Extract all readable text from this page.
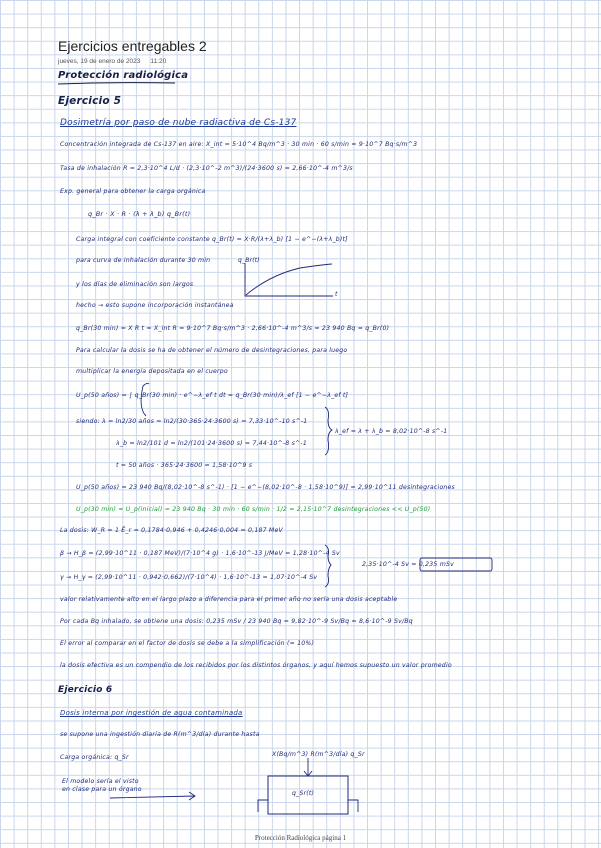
Ejercicios entregables 2
jueves, 19 de enero de 2023 11:20
Protección radiológica
Ejercicio 5
Dosimetría por paso de nube radiactiva de Cs-137
Concentración integrada de Cs-137 en aire: X_int = 5·10^4 Bq/m^3 · 30 min · 60 s/min = 9·10^7 Bq·s/m^3
Tasa de inhalación R = 2,3·10^4 L/d · (2,3·10^-2 m^3)/(24·3600 s) = 2,66·10^-4 m^3/s
Exp. general para obtener la carga orgánica
q_Br · X · R · (λ + λ_b) q_Br(t)
Carga integral con coeficiente constante q_Br(t) = X·R/(λ+λ_b) [1 − e^−(λ+λ_b)t]
para curva de inhalación durante 30 min
y los días de eliminación son largos
hecho → esto supone incorporación instantánea
q_Br(t)
t
q_Br(30 min) = X R t = X_int R = 9·10^7 Bq·s/m^3 · 2,66·10^-4 m^3/s = 23 940 Bq = q_Br(0)
Para calcular la dosis se ha de obtener el número de desintegraciones, para luego
multiplicar la energía depositada en el cuerpo
U_p(50 años) = ∫ q_Br(30 min) · e^−λ_ef t dt = q_Br(30 min)/λ_ef [1 − e^−λ_ef t]
siendo: λ = ln2/30 años = ln2/(30·365·24·3600 s) = 7,33·10^-10 s^-1
λ_b = ln2/101 d = ln2/(101·24·3600 s) = 7,44·10^-8 s^-1
t = 50 años · 365·24·3600 = 1,58·10^9 s
λ_ef = λ + λ_b = 8,02·10^-8 s^-1
U_p(50 años) = 23 940 Bq/(8,02·10^-8 s^-1) · [1 − e^−(8,02·10^-8 · 1,58·10^9)] = 2,99·10^11 desintegraciones
U_p(30 min) ≈ U_p(inicial) = 23 940 Bq · 30 min · 60 s/min · 1/2 = 2,15·10^7 desintegraciones << U_p(50)
La dosis: W_R = 1 Ē_r = 0,1784·0,946 + 0,4246·0,004 = 0,187 MeV
β → H_β = (2,99·10^11 · 0,187 MeV)/(7·10^4 g) · 1,6·10^-13 J/MeV = 1,28·10^-4 Sv
γ → H_γ = (2,99·10^11 · 0,942·0,662)/(7·10^4) · 1,6·10^-13 = 1,07·10^-4 Sv
2,35·10^-4 Sv = 0,235 mSv
valor relativamente alto en el largo plazo a diferencia para el primer año no sería una dosis aceptable
Por cada Bq inhalado, se obtiene una dosis: 0,235 mSv / 23 940 Bq = 9,82·10^-9 Sv/Bq ≈ 8,6·10^-9 Sv/Bq
El error al comparar en el factor de dosis se debe a la simplificación (≈ 10%)
la dosis efectiva es un compendio de los recibidos por los distintos órganos, y aquí hemos supuesto un valor promedio
Ejercicio 6
Dosis interna por ingestión de agua contaminada
se supone una ingestión diaria de R(m^3/día) durante hasta
Carga orgánica: q_Sr
El modelo sería el visto en clase para un órgano
X(Bq/m^3) R(m^3/día) q_Sr
q_Sr(t)
Protección Radiológica página 1
